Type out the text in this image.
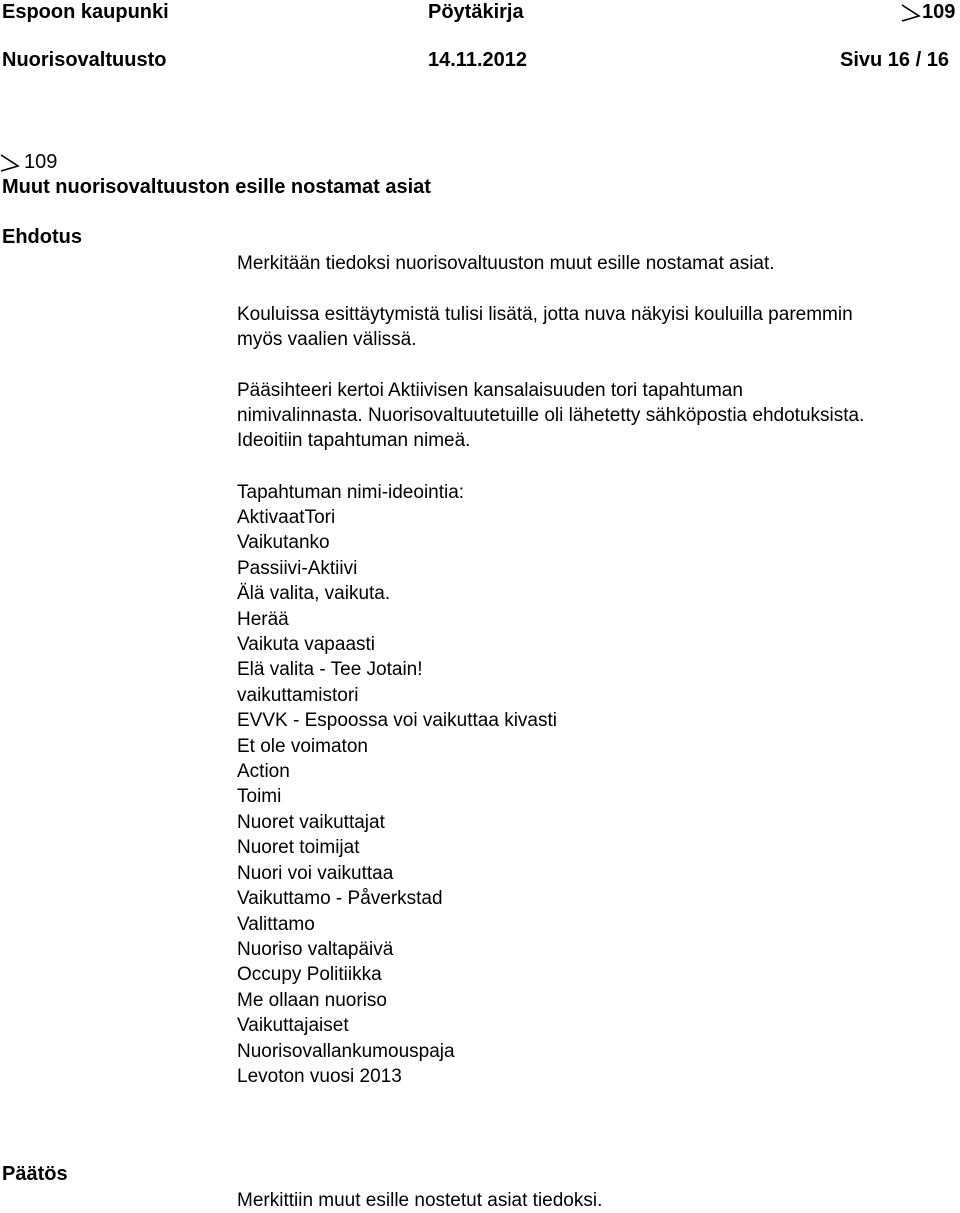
Espoon kaupunki	Pöytäkirja	109
Nuorisovaltuusto	14.11.2012	Sivu 16 / 16
109
Muut nuorisovaltuuston esille nostamat asiat
Ehdotus
Merkitään tiedoksi nuorisovaltuuston muut esille nostamat asiat.
Kouluissa esittäytymistä tulisi lisätä, jotta nuva näkyisi kouluilla paremmin
myös vaalien välissä.
Pääsihteeri kertoi Aktiivisen kansalaisuuden tori tapahtuman
nimivalinnasta. Nuorisovaltuutetuille oli lähetetty sähköpostia ehdotuksista.
Ideoitiin tapahtuman nimeä.
Tapahtuman nimi-ideointia:
AktivaatTori
Vaikutanko
Passiivi-Aktiivi
Älä valita, vaikuta.
Herää
Vaikuta vapaasti
Elä valita - Tee Jotain!
vaikuttamistori
EVVK - Espoossa voi vaikuttaa kivasti
Et ole voimaton
Action
Toimi
Nuoret vaikuttajat
Nuoret toimijat
Nuori voi vaikuttaa
Vaikuttamo - Påverkstad
Valittamo
Nuoriso valtapäivä
Occupy Politiikka
Me ollaan nuoriso
Vaikuttajaiset
Nuorisovallankumouspaja
Levoton vuosi 2013
Päätös
Merkittiin muut esille nostetut asiat tiedoksi.
